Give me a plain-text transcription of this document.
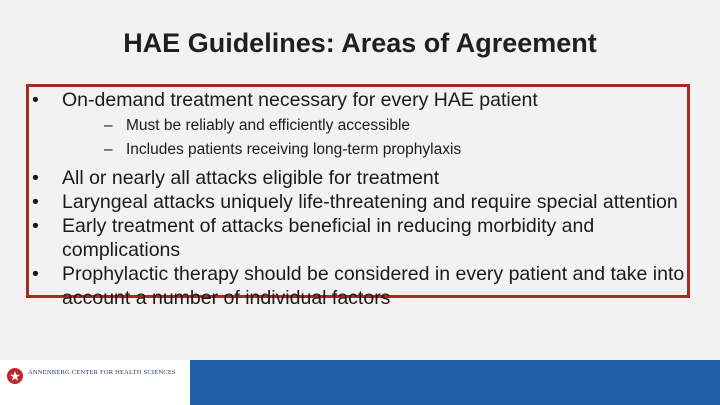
HAE Guidelines: Areas of Agreement
• On-demand treatment necessary for every HAE patient
– Must be reliably and efficiently accessible
– Includes patients receiving long-term prophylaxis
• All or nearly all attacks eligible for treatment
• Laryngeal attacks uniquely life-threatening and require special attention
• Early treatment of attacks beneficial in reducing morbidity and complications
• Prophylactic therapy should be considered in every patient and take into account a number of individual factors
ANNENBERG CENTER FOR HEALTH SCIENCES
